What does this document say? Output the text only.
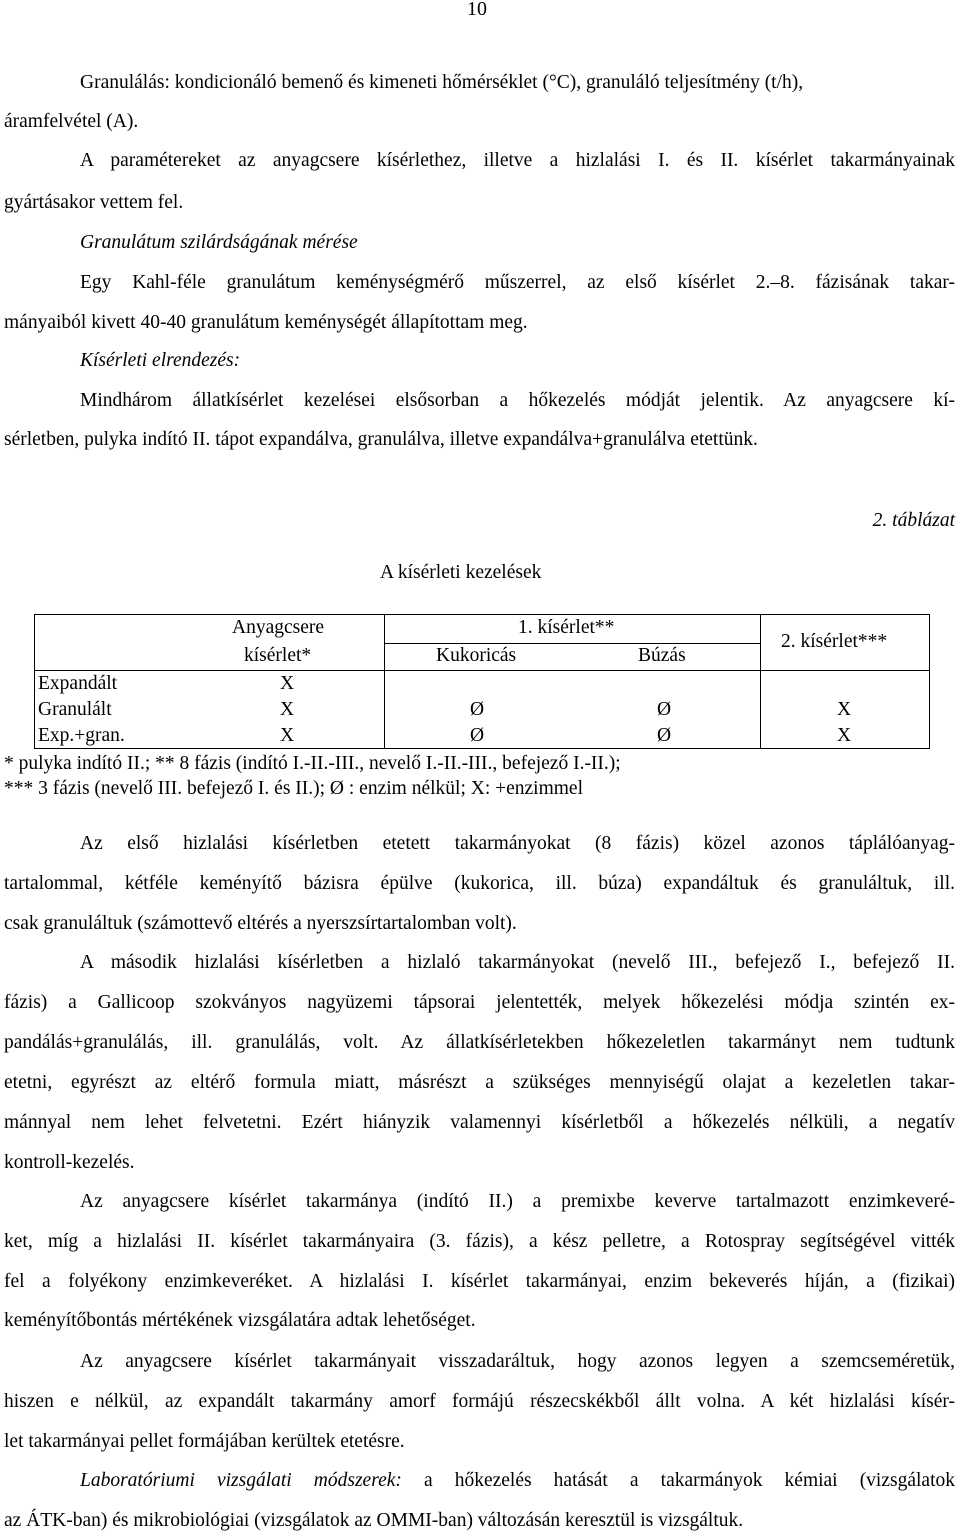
10
Granulálás: kondicionáló bemenő és kimeneti hőmérséklet (°C), granuláló teljesítmény (t/h),
áramfelvétel (A).
A paramétereket az anyagcsere kísérlethez, illetve a hizlalási I. és II. kísérlet takarmányainak
gyártásakor vettem fel.
Granulátum szilárdságának mérése
Egy Kahl-féle granulátum keménységmérő műszerrel, az első kísérlet 2.–8. fázisának takar-
mányaiból kivett 40-40 granulátum keménységét állapítottam meg.
Kísérleti elrendezés:
Mindhárom állatkísérlet kezelései elsősorban a hőkezelés módját jelentik. Az anyagcsere kí-
sérletben, pulyka indító II. tápot expandálva, granulálva, illetve expandálva+granulálva etettünk.
2. táblázat
A kísérleti kezelések
Anyagcsere
kísérlet*
1. kísérlet**
Kukoricás	Búzás
2. kísérlet***
Expandált	X
Granulált	X	Ø	Ø	X
Exp.+gran.	X	Ø	Ø	X
* pulyka indító II.; ** 8 fázis (indító I.-II.-III., nevelő I.-II.-III., befejező I.-II.);
*** 3 fázis (nevelő III. befejező I. és II.); Ø : enzim nélkül; X: +enzimmel
Az első hizlalási kísérletben etetett takarmányokat (8 fázis) közel azonos táplálóanyag-
tartalommal, kétféle keményítő bázisra épülve (kukorica, ill. búza) expandáltuk és granuláltuk, ill.
csak granuláltuk (számottevő eltérés a nyerszsírtartalomban volt).
A második hizlalási kísérletben a hizlaló takarmányokat (nevelő III., befejező I., befejező II.
fázis) a Gallicoop szokványos nagyüzemi tápsorai jelentették, melyek hőkezelési módja szintén ex-
pandálás+granulálás, ill. granulálás, volt. Az állatkísérletekben hőkezeletlen takarmányt nem tudtunk
etetni, egyrészt az eltérő formula miatt, másrészt a szükséges mennyiségű olajat a kezeletlen takar-
mánnyal nem lehet felvetetni. Ezért hiányzik valamennyi kísérletből a hőkezelés nélküli, a negatív
kontroll-kezelés.
Az anyagcsere kísérlet takarmánya (indító II.) a premixbe keverve tartalmazott enzimkeveré-
ket, míg a hizlalási II. kísérlet takarmányaira (3. fázis), a kész pelletre, a Rotospray segítségével vitték
fel a folyékony enzimkeveréket. A hizlalási I. kísérlet takarmányai, enzim bekeverés híján, a (fizikai)
keményítőbontás mértékének vizsgálatára adtak lehetőséget.
Az anyagcsere kísérlet takarmányait visszadaráltuk, hogy azonos legyen a szemcseméretük,
hiszen e nélkül, az expandált takarmány amorf formájú részecskékből állt volna. A két hizlalási kísér-
let takarmányai pellet formájában kerültek etetésre.
Laboratóriumi vizsgálati módszerek: a hőkezelés hatását a takarmányok kémiai (vizsgálatok
az ÁTK-ban) és mikrobiológiai (vizsgálatok az OMMI-ban) változásán keresztül is vizsgáltuk.
